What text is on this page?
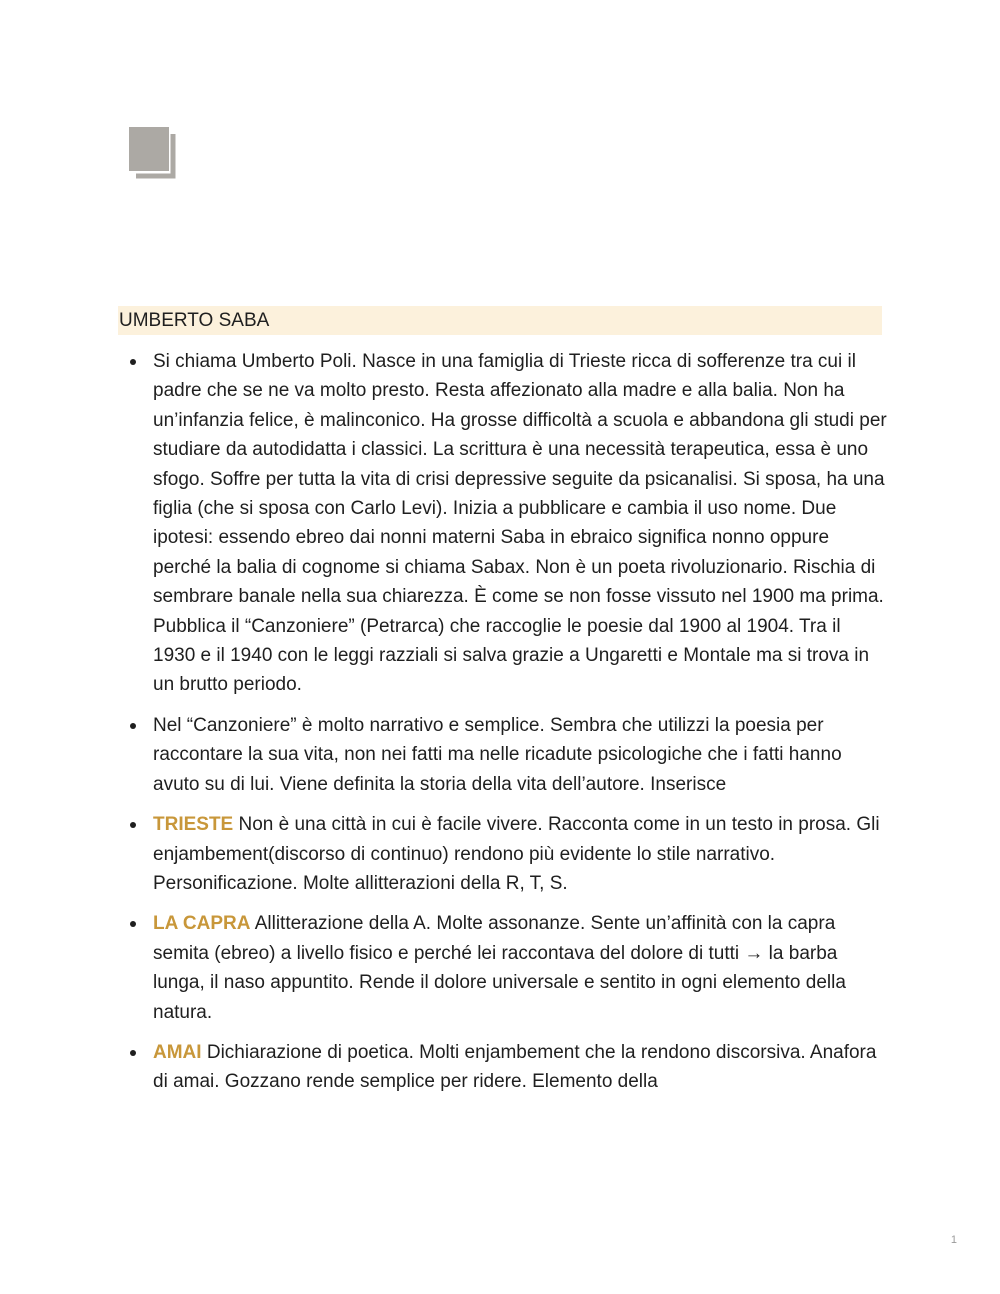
UMBERTO SABA
Si chiama Umberto Poli. Nasce in una famiglia di Trieste ricca di sofferenze tra cui il padre che se ne va molto presto. Resta affezionato alla madre e alla balia. Non ha un’infanzia felice, è malinconico. Ha grosse difficoltà a scuola e abbandona gli studi per studiare da autodidatta i classici. La scrittura è una necessità terapeutica, essa è uno sfogo. Soffre per tutta la vita di crisi depressive seguite da psicanalisi. Si sposa, ha una figlia (che si sposa con Carlo Levi). Inizia a pubblicare e cambia il uso nome. Due ipotesi: essendo ebreo dai nonni materni Saba in ebraico significa nonno oppure perché la balia di cognome si chiama Sabax. Non è un poeta rivoluzionario. Rischia di sembrare banale nella sua chiarezza. È come se non fosse vissuto nel 1900 ma prima. Pubblica il “Canzoniere” (Petrarca) che raccoglie le poesie dal 1900 al 1904. Tra il 1930 e il 1940 con le leggi razziali si salva grazie a Ungaretti e Montale ma si trova in un brutto periodo.
Nel “Canzoniere” è molto narrativo e semplice. Sembra che utilizzi la poesia per raccontare la sua vita, non nei fatti ma nelle ricadute psicologiche che i fatti hanno avuto su di lui. Viene definita la storia della vita dell’autore. Inserisce
TRIESTE Non è una città in cui è facile vivere. Racconta come in un testo in prosa. Gli enjambement(discorso di continuo) rendono più evidente lo stile narrativo. Personificazione. Molte allitterazioni della R, T, S.
LA CAPRA Allitterazione della A. Molte assonanze. Sente un’affinità con la capra semita (ebreo) a livello fisico e perché lei raccontava del dolore di tutti → la barba lunga, il naso appuntito. Rende il dolore universale e sentito in ogni elemento della natura.
AMAI Dichiarazione di poetica. Molti enjambement che la rendono discorsiva. Anafora di amai. Gozzano rende semplice per ridere. Elemento della
1
